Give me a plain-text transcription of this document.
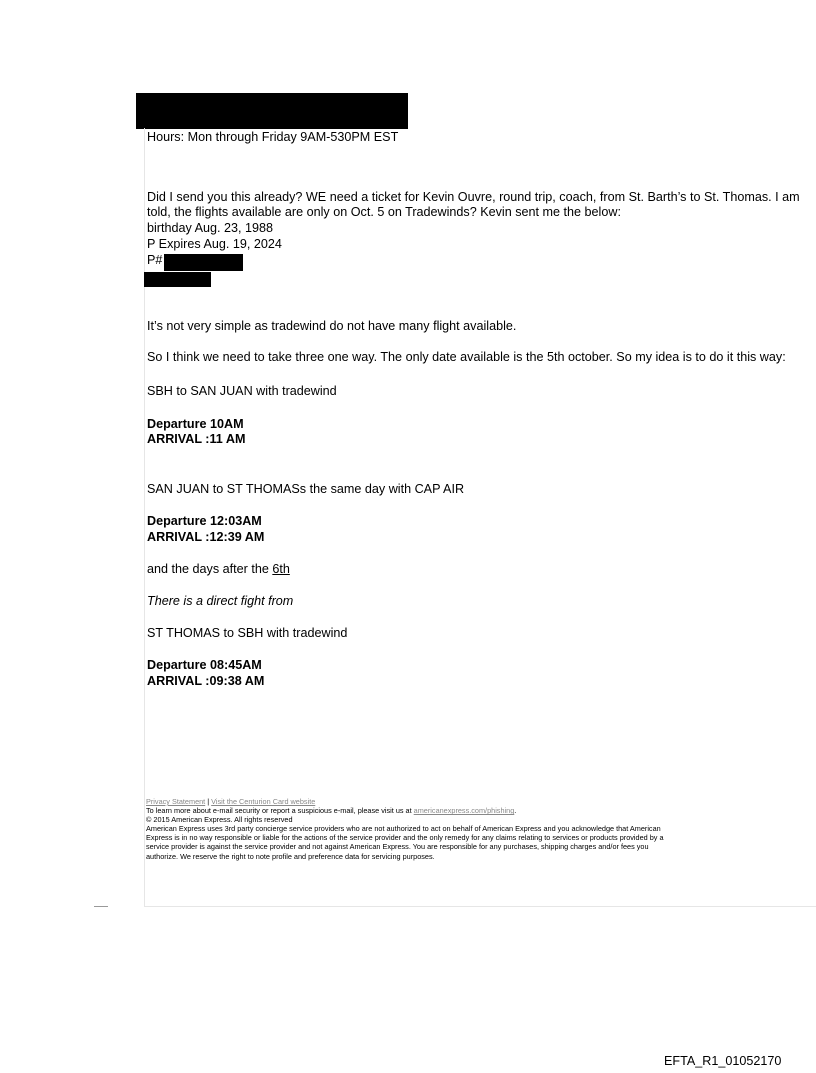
Hours: Mon through Friday 9AM-530PM EST

Did I send you this already? WE need a ticket for Kevin Ouvre, round trip, coach, from St. Barth’s to St. Thomas. I am

told, the flights available are only on Oct. 5 on Tradewinds? Kevin sent me the below:

birthday Aug. 23, 1988

P Expires Aug. 19, 2024

P#

It’s not very simple as tradewind do not have many flight available.

So I think we need to take three one way. The only date available is the 5th october. So my idea is to do it this way:

SBH to SAN JUAN with tradewind

Departure 10AM

ARRIVAL :11 AM

SAN JUAN to ST THOMASs the same day with CAP AIR

Departure 12:03AM

ARRIVAL :12:39 AM

and the days after the 6th

There is a direct fight from

ST THOMAS to SBH with tradewind

Departure 08:45AM

ARRIVAL :09:38 AM

Privacy Statement | Visit the Centurion Card website
To learn more about e-mail security or report a suspicious e-mail, please visit us at americanexpress.com/phishing.
© 2015 American Express. All rights reserved
American Express uses 3rd party concierge service providers who are not authorized to act on behalf of American Express and you acknowledge that American
Express is in no way responsible or liable for the actions of the service provider and the only remedy for any claims relating to services or products provided by a
service provider is against the service provider and not against American Express. You are responsible for any purchases, shipping charges and/or fees you
authorize. We reserve the right to note profile and preference data for servicing purposes.
EFTA_R1_01052170
